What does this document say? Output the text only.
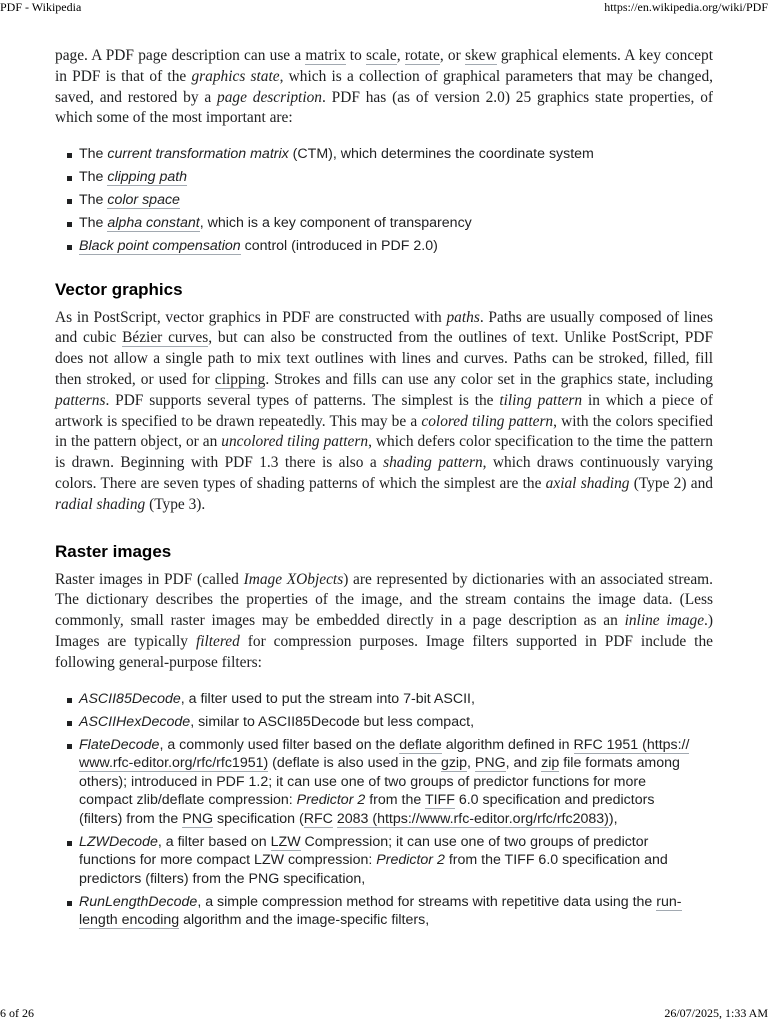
PDF - Wikipedia	https://en.wikipedia.org/wiki/PDF

page. A PDF page description can use a matrix to scale, rotate, or skew graphical elements. A key concept in PDF is that of the graphics state, which is a collection of graphical parameters that may be changed, saved, and restored by a page description. PDF has (as of version 2.0) 25 graphics state properties, of which some of the most important are:

The current transformation matrix (CTM), which determines the coordinate system
The clipping path
The color space
The alpha constant, which is a key component of transparency
Black point compensation control (introduced in PDF 2.0)
Vector graphics

As in PostScript, vector graphics in PDF are constructed with paths. Paths are usually composed of lines and cubic Bézier curves, but can also be constructed from the outlines of text. Unlike PostScript, PDF does not allow a single path to mix text outlines with lines and curves. Paths can be stroked, filled, fill then stroked, or used for clipping. Strokes and fills can use any color set in the graphics state, including patterns. PDF supports several types of patterns. The simplest is the tiling pattern in which a piece of artwork is specified to be drawn repeatedly. This may be a colored tiling pattern, with the colors specified in the pattern object, or an uncolored tiling pattern, which defers color specification to the time the pattern is drawn. Beginning with PDF 1.3 there is also a shading pattern, which draws continuously varying colors. There are seven types of shading patterns of which the simplest are the axial shading (Type 2) and radial shading (Type 3).

Raster images

Raster images in PDF (called Image XObjects) are represented by dictionaries with an associated stream. The dictionary describes the properties of the image, and the stream contains the image data. (Less commonly, small raster images may be embedded directly in a page description as an inline image.) Images are typically filtered for compression purposes. Image filters supported in PDF include the following general-purpose filters:

ASCII85Decode, a filter used to put the stream into 7-bit ASCII,
ASCIIHexDecode, similar to ASCII85Decode but less compact,
FlateDecode, a commonly used filter based on the deflate algorithm defined in RFC 1951 (https://www.rfc-editor.org/rfc/rfc1951) (deflate is also used in the gzip, PNG, and zip file formats among others); introduced in PDF 1.2; it can use one of two groups of predictor functions for more compact zlib/deflate compression: Predictor 2 from the TIFF 6.0 specification and predictors (filters) from the PNG specification (RFC 2083 (https://www.rfc-editor.org/rfc/rfc2083)),
LZWDecode, a filter based on LZW Compression; it can use one of two groups of predictor functions for more compact LZW compression: Predictor 2 from the TIFF 6.0 specification and predictors (filters) from the PNG specification,
RunLengthDecode, a simple compression method for streams with repetitive data using the run-length encoding algorithm and the image-specific filters,
6 of 26	26/07/2025, 1:33 AM
